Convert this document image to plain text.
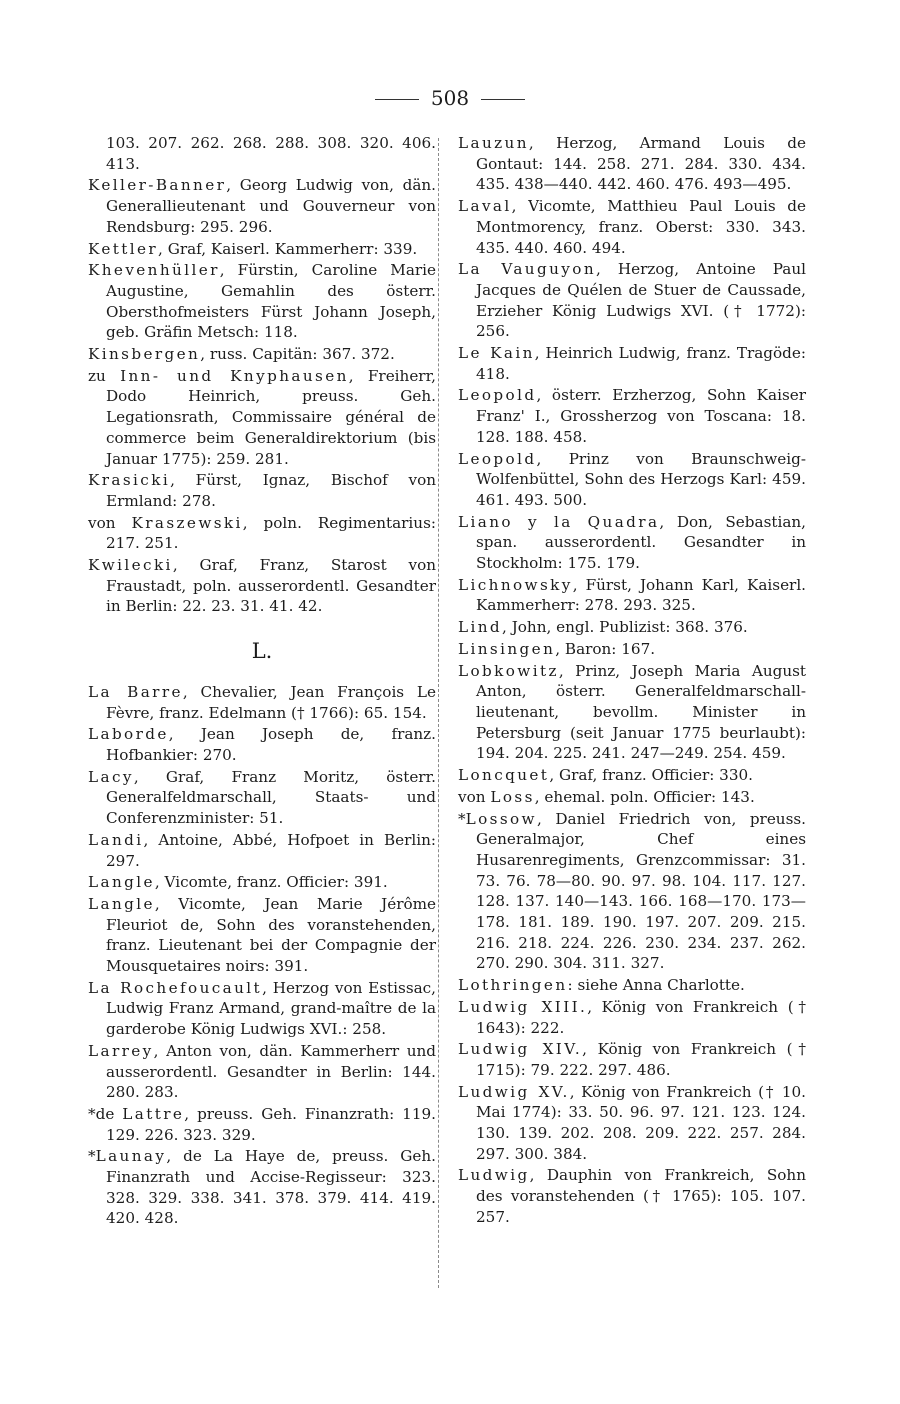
508

103. 207. 262. 268. 288. 308. 320. 406. 413.

Keller-Banner, Georg Ludwig von, dän. Generallieutenant und Gouverneur von Rendsburg: 295. 296.

Kettler, Graf, Kaiserl. Kammerherr: 339.

Khevenhüller, Fürstin, Caroline Marie Augustine, Gemahlin des österr. Obersthofmeisters Fürst Johann Joseph, geb. Gräfin Metsch: 118.

Kinsbergen, russ. Capitän: 367. 372.

zu Inn- und Knyphausen, Freiherr, Dodo Heinrich, preuss. Geh. Legationsrath, Commissaire général de commerce beim Generaldirektorium (bis Januar 1775): 259. 281.

Krasicki, Fürst, Ignaz, Bischof von Ermland: 278.

von Kraszewski, poln. Regimentarius: 217. 251.

Kwilecki, Graf, Franz, Starost von Fraustadt, poln. ausserordentl. Gesandter in Berlin: 22. 23. 31. 41. 42.

L.

La Barre, Chevalier, Jean François Le Fèvre, franz. Edelmann († 1766): 65. 154.

Laborde, Jean Joseph de, franz. Hofbankier: 270.

Lacy, Graf, Franz Moritz, österr. Generalfeldmarschall, Staats- und Conferenzminister: 51.

Landi, Antoine, Abbé, Hofpoet in Berlin: 297.

Langle, Vicomte, franz. Officier: 391.

Langle, Vicomte, Jean Marie Jérôme Fleuriot de, Sohn des voranstehenden, franz. Lieutenant bei der Compagnie der Mousquetaires noirs: 391.

La Rochefoucault, Herzog von Estissac, Ludwig Franz Armand, grand-maître de la garderobe König Ludwigs XVI.: 258.

Larrey, Anton von, dän. Kammerherr und ausserordentl. Gesandter in Berlin: 144. 280. 283.

*de Lattre, preuss. Geh. Finanzrath: 119. 129. 226. 323. 329.

*Launay, de La Haye de, preuss. Geh. Finanzrath und Accise-Regisseur: 323. 328. 329. 338. 341. 378. 379. 414. 419. 420. 428.

Lauzun, Herzog, Armand Louis de Gontaut: 144. 258. 271. 284. 330. 434. 435. 438—440. 442. 460. 476. 493—495.

Laval, Vicomte, Matthieu Paul Louis de Montmorency, franz. Oberst: 330. 343. 435. 440. 460. 494.

La Vauguyon, Herzog, Antoine Paul Jacques de Quélen de Stuer de Caussade, Erzieher König Ludwigs XVI. († 1772): 256.

Le Kain, Heinrich Ludwig, franz. Tragöde: 418.

Leopold, österr. Erzherzog, Sohn Kaiser Franz' I., Grossherzog von Toscana: 18. 128. 188. 458.

Leopold, Prinz von Braunschweig-Wolfenbüttel, Sohn des Herzogs Karl: 459. 461. 493. 500.

Liano y la Quadra, Don, Sebastian, span. ausserordentl. Gesandter in Stockholm: 175. 179.

Lichnowsky, Fürst, Johann Karl, Kaiserl. Kammerherr: 278. 293. 325.

Lind, John, engl. Publizist: 368. 376.

Linsingen, Baron: 167.

Lobkowitz, Prinz, Joseph Maria August Anton, österr. Generalfeldmarschall-lieutenant, bevollm. Minister in Petersburg (seit Januar 1775 beurlaubt): 194. 204. 225. 241. 247—249. 254. 459.

Loncquet, Graf, franz. Officier: 330.

von Loss, ehemal. poln. Officier: 143.

*Lossow, Daniel Friedrich von, preuss. Generalmajor, Chef eines Husarenregiments, Grenzcommissar: 31. 73. 76. 78—80. 90. 97. 98. 104. 117. 127. 128. 137. 140—143. 166. 168—170. 173—178. 181. 189. 190. 197. 207. 209. 215. 216. 218. 224. 226. 230. 234. 237. 262. 270. 290. 304. 311. 327.

Lothringen: siehe Anna Charlotte.

Ludwig XIII., König von Frankreich († 1643): 222.

Ludwig XIV., König von Frankreich († 1715): 79. 222. 297. 486.

Ludwig XV., König von Frankreich († 10. Mai 1774): 33. 50. 96. 97. 121. 123. 124. 130. 139. 202. 208. 209. 222. 257. 284. 297. 300. 384.

Ludwig, Dauphin von Frankreich, Sohn des voranstehenden († 1765): 105. 107. 257.
